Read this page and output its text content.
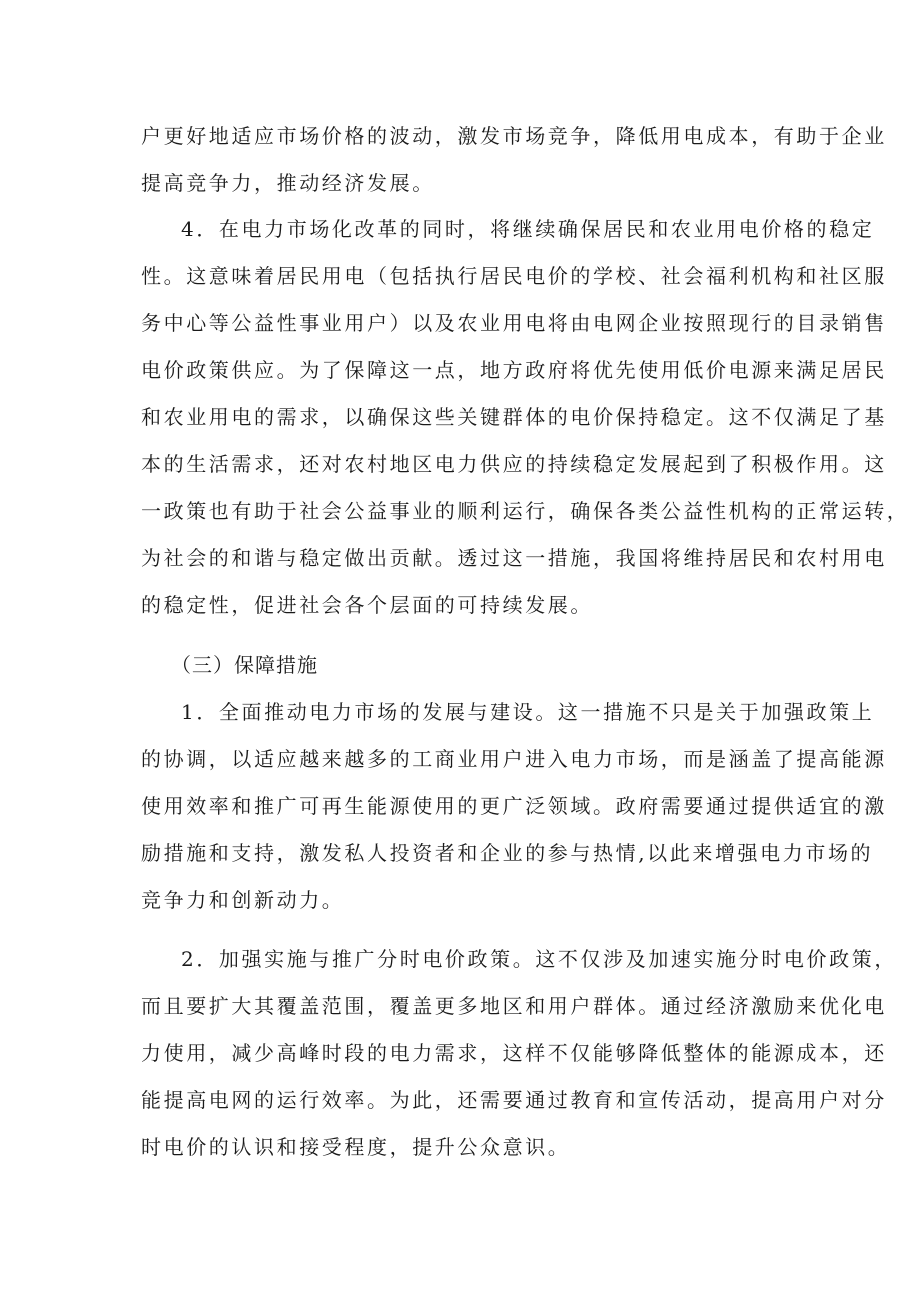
户更好地适应市场价格的波动，激发市场竞争，降低用电成本，有助于企业
提高竞争力，推动经济发展。
4．在电力市场化改革的同时，将继续确保居民和农业用电价格的稳定
性。这意味着居民用电（包括执行居民电价的学校、社会福利机构和社区服
务中心等公益性事业用户）以及农业用电将由电网企业按照现行的目录销售
电价政策供应。为了保障这一点，地方政府将优先使用低价电源来满足居民
和农业用电的需求，以确保这些关键群体的电价保持稳定。这不仅满足了基
本的生活需求，还对农村地区电力供应的持续稳定发展起到了积极作用。这
一政策也有助于社会公益事业的顺利运行，确保各类公益性机构的正常运转，
为社会的和谐与稳定做出贡献。透过这一措施，我国将维持居民和农村用电
的稳定性，促进社会各个层面的可持续发展。
（三）保障措施
1．全面推动电力市场的发展与建设。这一措施不只是关于加强政策上
的协调，以适应越来越多的工商业用户进入电力市场，而是涵盖了提高能源
使用效率和推广可再生能源使用的更广泛领域。政府需要通过提供适宜的激
励措施和支持，激发私人投资者和企业的参与热情,以此来增强电力市场的
竞争力和创新动力。
2．加强实施与推广分时电价政策。这不仅涉及加速实施分时电价政策，
而且要扩大其覆盖范围，覆盖更多地区和用户群体。通过经济激励来优化电
力使用，减少高峰时段的电力需求，这样不仅能够降低整体的能源成本，还
能提高电网的运行效率。为此，还需要通过教育和宣传活动，提高用户对分
时电价的认识和接受程度，提升公众意识。
